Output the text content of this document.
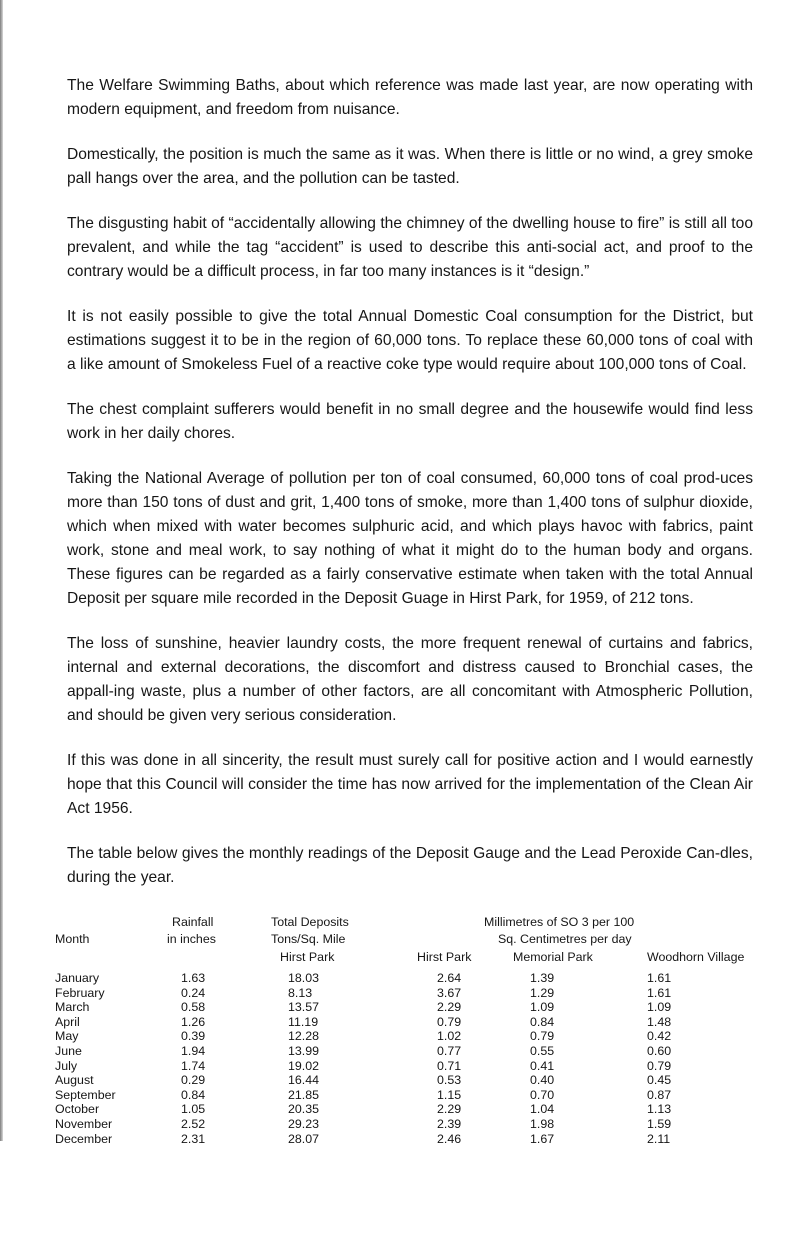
The Welfare Swimming Baths, about which reference was made last year, are now operating with modern equipment, and freedom from nuisance.

Domestically, the position is much the same as it was. When there is little or no wind, a grey smoke pall hangs over the area, and the pollution can be tasted.

The disgusting habit of “accidentally allowing the chimney of the dwelling house to fire” is still all too prevalent, and while the tag “accident” is used to describe this anti-social act, and proof to the contrary would be a difficult process, in far too many instances is it “design.”

It is not easily possible to give the total Annual Domestic Coal consumption for the District, but estimations suggest it to be in the region of 60,000 tons. To replace these 60,000 tons of coal with a like amount of Smokeless Fuel of a reactive coke type would require about 100,000 tons of Coal.

The chest complaint sufferers would benefit in no small degree and the housewife would find less work in her daily chores.

Taking the National Average of pollution per ton of coal consumed, 60,000 tons of coal prod-uces more than 150 tons of dust and grit, 1,400 tons of smoke, more than 1,400 tons of sulphur dioxide, which when mixed with water becomes sulphuric acid, and which plays havoc with fabrics, paint work, stone and meal work, to say nothing of what it might do to the human body and organs. These figures can be regarded as a fairly conservative estimate when taken with the total Annual Deposit per square mile recorded in the Deposit Guage in Hirst Park, for 1959, of 212 tons.

The loss of sunshine, heavier laundry costs, the more frequent renewal of curtains and fabrics, internal and external decorations, the discomfort and distress caused to Bronchial cases, the appall-ing waste, plus a number of other factors, are all concomitant with Atmospheric Pollution, and should be given very serious consideration.

If this was done in all sincerity, the result must surely call for positive action and I would earnestly hope that this Council will consider the time has now arrived for the implementation of the Clean Air Act 1956.

The table below gives the monthly readings of the Deposit Gauge and the Lead Peroxide Can-dles, during the year.

Month
Rainfall
in inches
Total Deposits
Tons/Sq. Mile
Hirst Park
Millimetres of SO 3 per 100
Sq. Centimetres per day
Hirst Park	Memorial Park	Woodhorn Village
January	1.63	18.03	2.64	1.39	1.61
February	0.24	8.13	3.67	1.29	1.61
March	0.58	13.57	2.29	1.09	1.09
April	1.26	11.19	0.79	0.84	1.48
May	0.39	12.28	1.02	0.79	0.42
June	1.94	13.99	0.77	0.55	0.60
July	1.74	19.02	0.71	0.41	0.79
August	0.29	16.44	0.53	0.40	0.45
September	0.84	21.85	1.15	0.70	0.87
October	1.05	20.35	2.29	1.04	1.13
November	2.52	29.23	2.39	1.98	1.59
December	2.31	28.07	2.46	1.67	2.11
